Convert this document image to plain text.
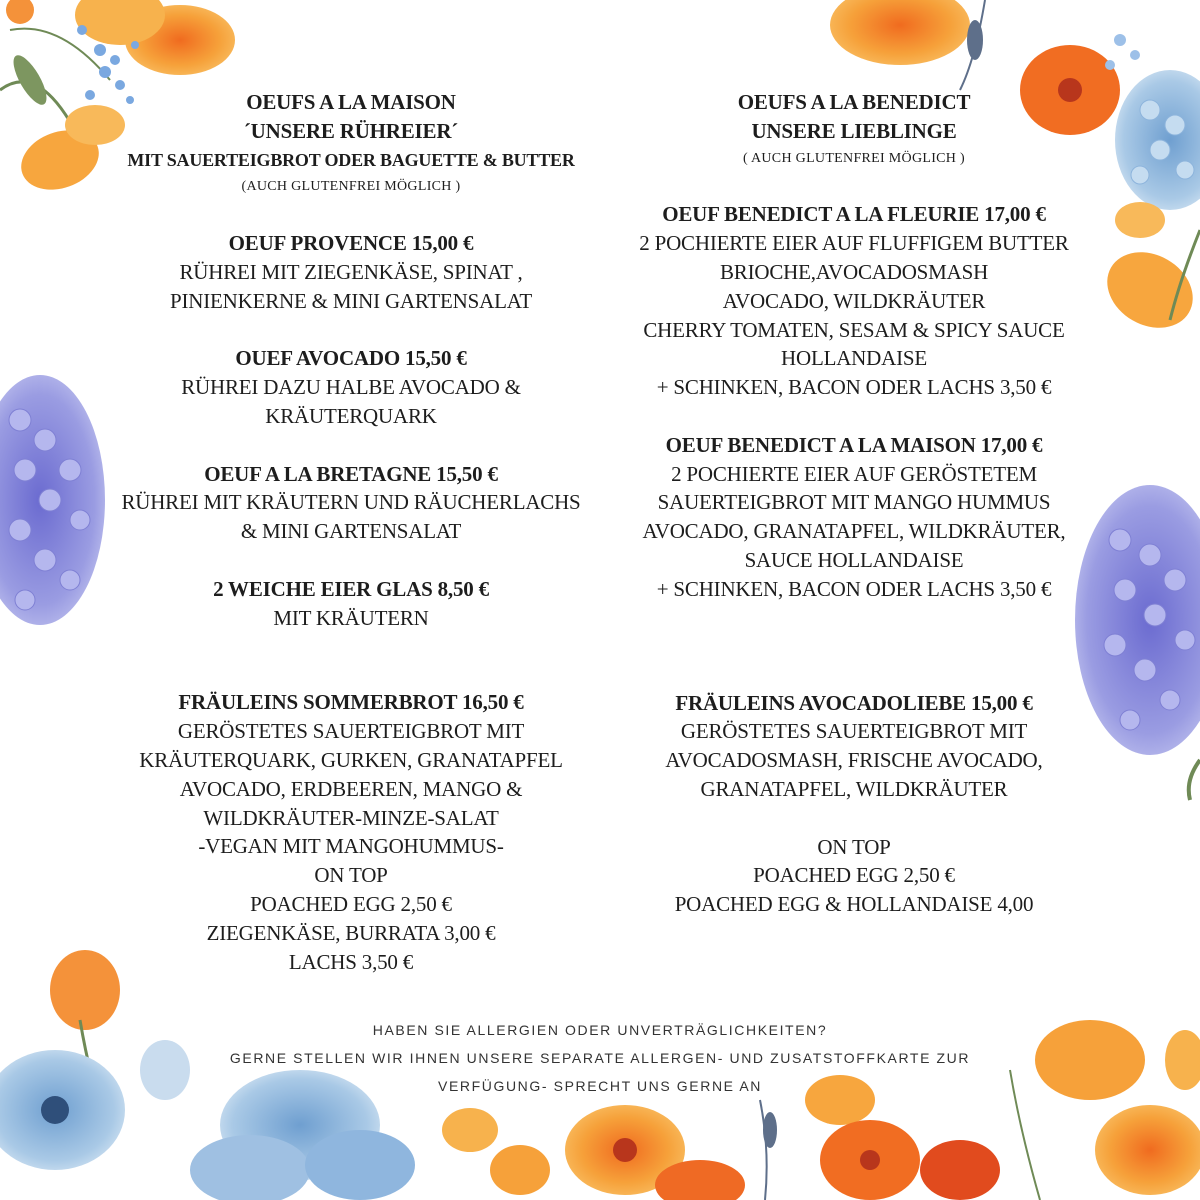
OEUFS A LA MAISON
´UNSERE RÜHREIER´
MIT SAUERTEIGBROT ODER BAGUETTE & BUTTER
(AUCH GLUTENFREI MÖGLICH )
OEUF PROVENCE 15,00 €
RÜHREI MIT ZIEGENKÄSE, SPINAT ,
PINIENKERNE & MINI GARTENSALAT
OUEF AVOCADO 15,50 €
RÜHREI DAZU HALBE AVOCADO &
KRÄUTERQUARK
OEUF A LA BRETAGNE 15,50 €
RÜHREI MIT KRÄUTERN UND RÄUCHERLACHS
& MINI GARTENSALAT
2 WEICHE EIER GLAS 8,50 €
MIT KRÄUTERN
FRÄULEINS SOMMERBROT 16,50 €
GERÖSTETES SAUERTEIGBROT MIT
KRÄUTERQUARK, GURKEN, GRANATAPFEL
AVOCADO, ERDBEEREN, MANGO &
WILDKRÄUTER-MINZE-SALAT
-VEGAN MIT MANGOHUMMUS-
ON TOP
POACHED EGG 2,50 €
ZIEGENKÄSE, BURRATA 3,00 €
LACHS 3,50 €
OEUFS A LA BENEDICT
UNSERE LIEBLINGE
( AUCH GLUTENFREI MÖGLICH )
OEUF BENEDICT A LA FLEURIE 17,00 €
2 POCHIERTE EIER AUF FLUFFIGEM BUTTER
BRIOCHE,AVOCADOSMASH
AVOCADO, WILDKRÄUTER
CHERRY TOMATEN, SESAM & SPICY SAUCE
HOLLANDAISE
+ SCHINKEN, BACON ODER LACHS 3,50 €
OEUF BENEDICT A LA MAISON 17,00 €
2 POCHIERTE EIER AUF GERÖSTETEM
SAUERTEIGBROT MIT MANGO HUMMUS
AVOCADO, GRANATAPFEL, WILDKRÄUTER,
SAUCE HOLLANDAISE
+ SCHINKEN, BACON ODER LACHS 3,50 €
FRÄULEINS AVOCADOLIEBE 15,00 €
GERÖSTETES SAUERTEIGBROT MIT
AVOCADOSMASH, FRISCHE AVOCADO,
GRANATAPFEL, WILDKRÄUTER
ON TOP
POACHED EGG 2,50 €
POACHED EGG & HOLLANDAISE 4,00
HABEN SIE ALLERGIEN ODER UNVERTRÄGLICHKEITEN?
GERNE STELLEN WIR IHNEN UNSERE SEPARATE ALLERGEN- UND ZUSATSTOFFKARTE ZUR
VERFÜGUNG- SPRECHT UNS GERNE AN
